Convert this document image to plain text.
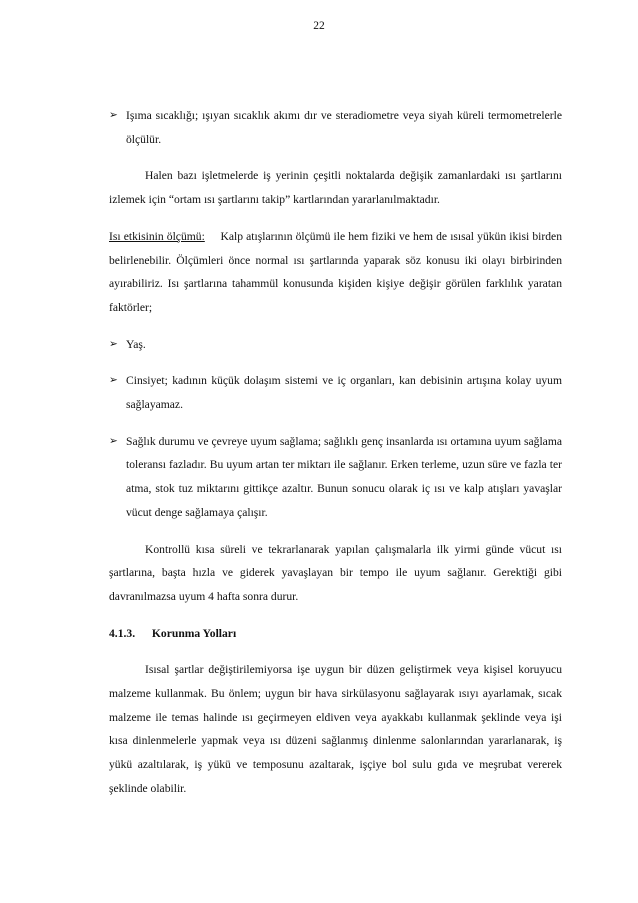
22
➢ Işıma sıcaklığı; ışıyan sıcaklık akımı dır ve steradiometre veya siyah küreli termometrelerle ölçülür.
Halen bazı işletmelerde iş yerinin çeşitli noktalarda değişik zamanlardaki ısı şartlarını izlemek için “ortam ısı şartlarını takip” kartlarından yararlanılmaktadır.
Isı etkisinin ölçümü: Kalp atışlarının ölçümü ile hem fiziki ve hem de ısısal yükün ikisi birden belirlenebilir. Ölçümleri önce normal ısı şartlarında yaparak söz konusu iki olayı birbirinden ayırabiliriz. Isı şartlarına tahammül konusunda kişiden kişiye değişir görülen farklılık yaratan faktörler;
➢ Yaş.
➢ Cinsiyet; kadının küçük dolaşım sistemi ve iç organları, kan debisinin artışına kolay uyum sağlayamaz.
➢ Sağlık durumu ve çevreye uyum sağlama; sağlıklı genç insanlarda ısı ortamına uyum sağlama toleransı fazladır. Bu uyum artan ter miktarı ile sağlanır. Erken terleme, uzun süre ve fazla ter atma, stok tuz miktarını gittikçe azaltır. Bunun sonucu olarak iç ısı ve kalp atışları yavaşlar vücut denge sağlamaya çalışır.
Kontrollü kısa süreli ve tekrarlanarak yapılan çalışmalarla ilk yirmi günde vücut ısı şartlarına, başta hızla ve giderek yavaşlayan bir tempo ile uyum sağlanır. Gerektiği gibi davranılmazsa uyum 4 hafta sonra durur.
4.1.3. Korunma Yolları
Isısal şartlar değiştirilemiyorsa işe uygun bir düzen geliştirmek veya kişisel koruyucu malzeme kullanmak. Bu önlem; uygun bir hava sirkülasyonu sağlayarak ısıyı ayarlamak, sıcak malzeme ile temas halinde ısı geçirmeyen eldiven veya ayakkabı kullanmak şeklinde veya işi kısa dinlenmelerle yapmak veya ısı düzeni sağlanmış dinlenme salonlarından yararlanarak, iş yükü azaltılarak, iş yükü ve temposunu azaltarak, işçiye bol sulu gıda ve meşrubat vererek şeklinde olabilir.
